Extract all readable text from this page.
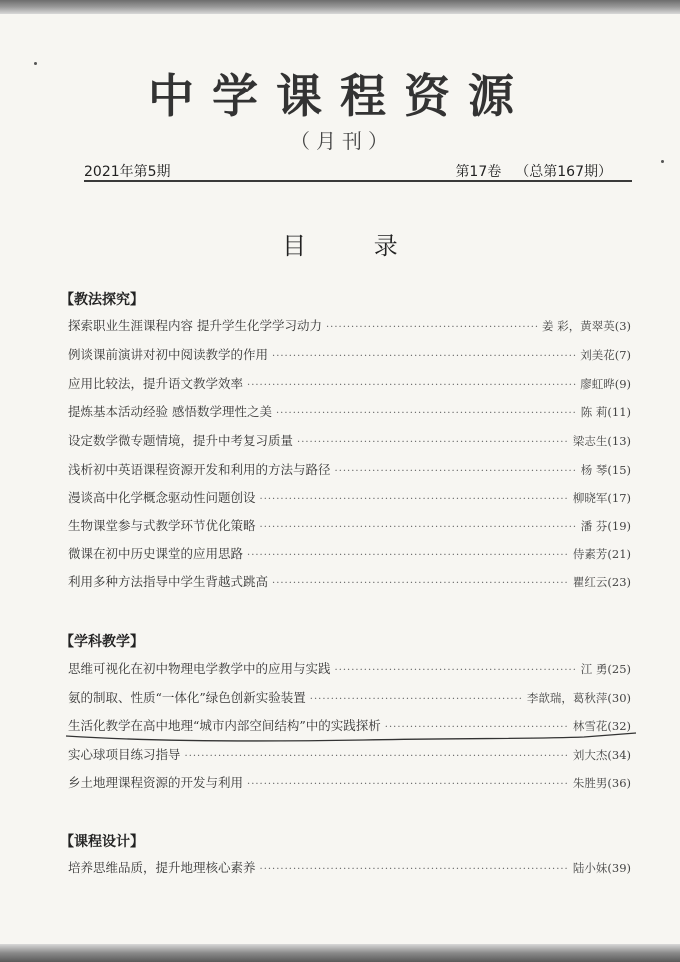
中学课程资源
（月刊）
2021年第5期	第17卷 （总第167期）
目 录
【教法探究】
探索职业生涯课程内容 提升学生化学学习动力 ·····	姜 彩，黄翠英(3)
例谈课前演讲对初中阅读教学的作用 ·····	刘美花(7)
应用比较法，提升语文教学效率 ·····	廖虹晔(9)
提炼基本活动经验 感悟数学理性之美 ·····	陈 莉(11)
设定数学微专题情境，提升中考复习质量 ·····	梁志生(13)
浅析初中英语课程资源开发和利用的方法与路径 ·····	杨 琴(15)
漫谈高中化学概念驱动性问题创设 ·····	柳晓军(17)
生物课堂参与式教学环节优化策略 ·····	潘 芬(19)
微课在初中历史课堂的应用思路 ·····	侍素芳(21)
利用多种方法指导中学生背越式跳高 ·····	瞿红云(23)
【学科教学】
思维可视化在初中物理电学教学中的应用与实践 ·····	江 勇(25)
氨的制取、性质“一体化”绿色创新实验装置 ·····	李歆瑞，葛秋萍(30)
生活化教学在高中地理“城市内部空间结构”中的实践探析 ·····	林雪花(32)
实心球项目练习指导 ·····	刘大杰(34)
乡土地理课程资源的开发与利用 ·····	朱胜男(36)
【课程设计】
培养思维品质，提升地理核心素养 ·····	陆小妹(39)
